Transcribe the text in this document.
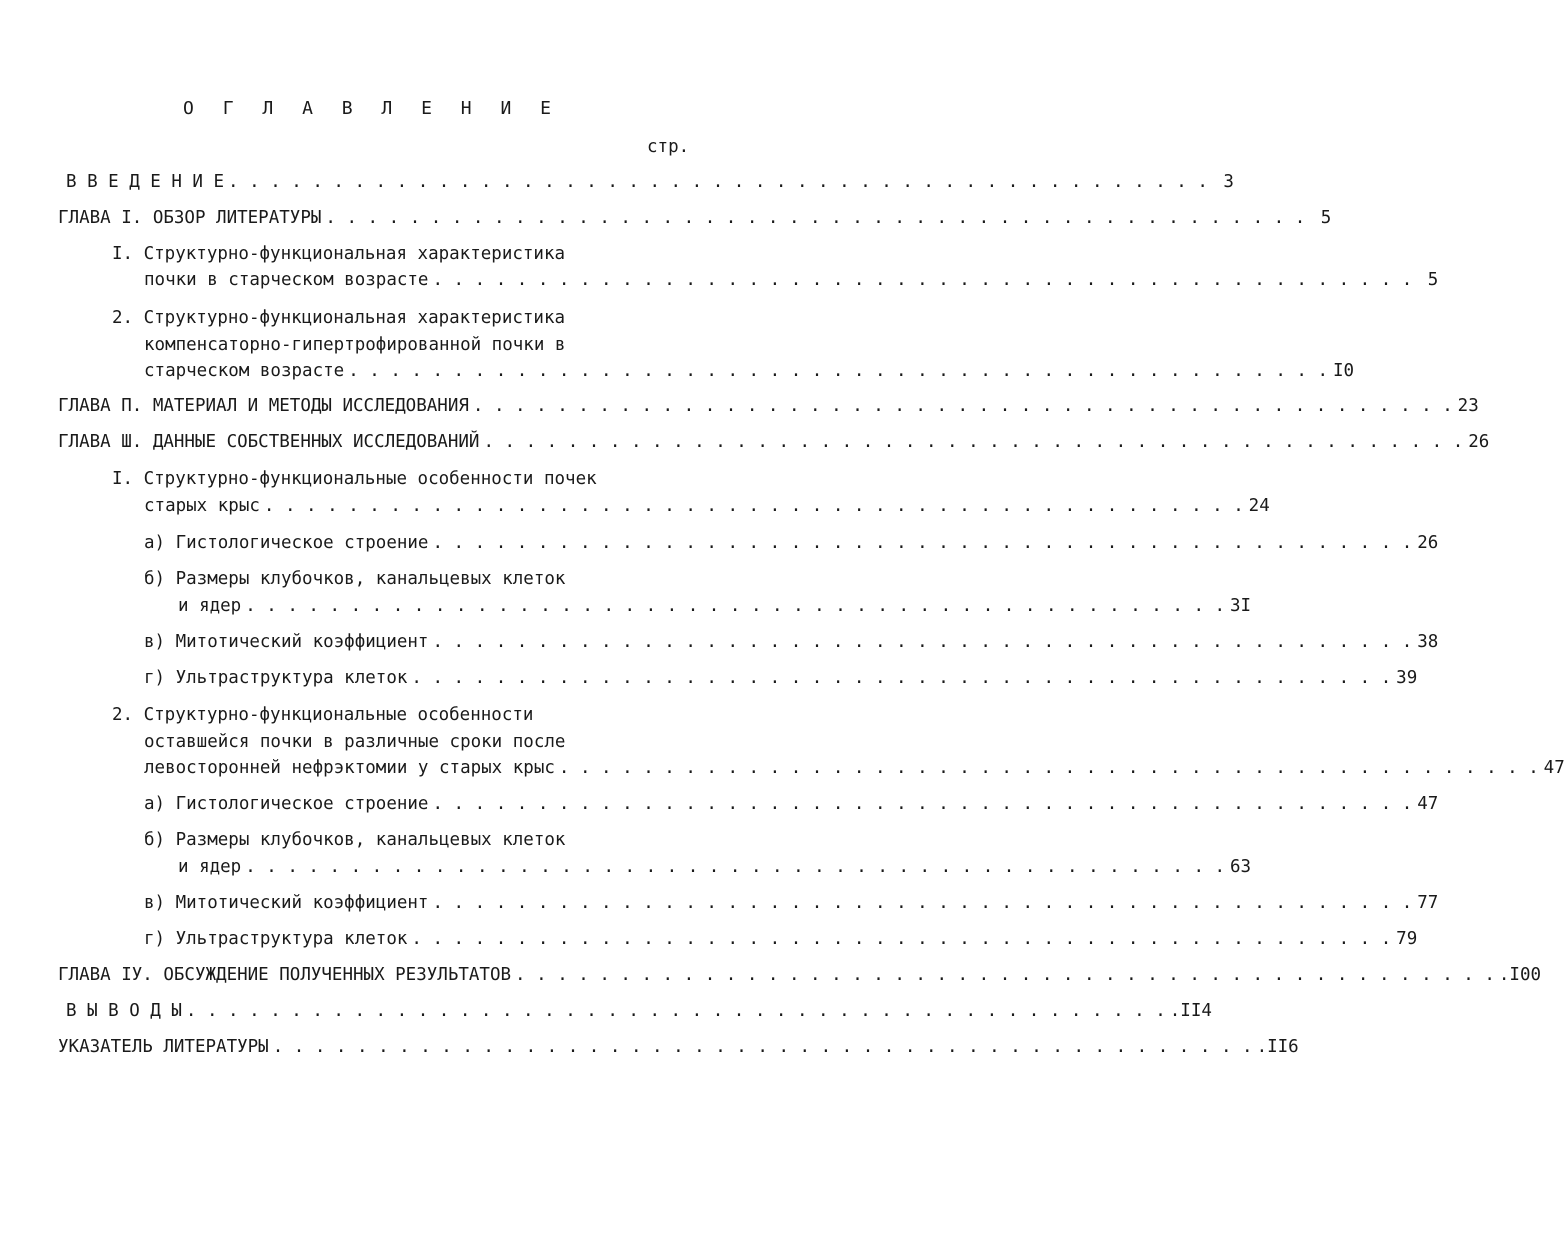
О Г Л А В Л Е Н И Е
стр.
В В Е Д Е Н И Е . . . . . . . . . . . . . . . . . . . . . . . . . . . . . . . . . . . . . . . . . . . . . . . 3
ГЛАВА I. ОБЗОР ЛИТЕРАТУРЫ . . . . . . . . . . . . . . . . . . . . . . . . . . . . . . . . . . . . . . . . . . . . . . . 5
I. Структурно-функциональная характеристика
почки в старческом возрасте . . . . . . . . . . . . . . . . . . . . . . . . . . . . . . . . . . . . . . . . . . . . . . . 5
2. Структурно-функциональная характеристика
компенсаторно-гипертрофированной почки в
старческом возрасте . . . . . . . . . . . . . . . . . . . . . . . . . . . . . . . . . . . . . . . . . . . . . . . I0
ГЛАВА П. МАТЕРИАЛ И МЕТОДЫ ИССЛЕДОВАНИЯ . . . . . . . . . . . . . . . . . . . . . . . . . . . . . . . . . . . . . . . . . . . . . . . 23
ГЛАВА Ш. ДАННЫЕ СОБСТВЕННЫХ ИССЛЕДОВАНИЙ . . . . . . . . . . . . . . . . . . . . . . . . . . . . . . . . . . . . . . . . . . . . . . . 26
I. Структурно-функциональные особенности почек
старых крыс . . . . . . . . . . . . . . . . . . . . . . . . . . . . . . . . . . . . . . . . . . . . . . . 24
а) Гистологическое строение . . . . . . . . . . . . . . . . . . . . . . . . . . . . . . . . . . . . . . . . . . . . . . . 26
б) Размеры клубочков, канальцевых клеток
и ядер . . . . . . . . . . . . . . . . . . . . . . . . . . . . . . . . . . . . . . . . . . . . . . . 3I
в) Митотический коэффициент . . . . . . . . . . . . . . . . . . . . . . . . . . . . . . . . . . . . . . . . . . . . . . . 38
г) Ультраструктура клеток . . . . . . . . . . . . . . . . . . . . . . . . . . . . . . . . . . . . . . . . . . . . . . . 39
2. Структурно-функциональные особенности
оставшейся почки в различные сроки после
левосторонней нефрэктомии у старых крыс . . . . . . . . . . . . . . . . . . . . . . . . . . . . . . . . . . . . . . . . . . . . . . . 47
а) Гистологическое строение . . . . . . . . . . . . . . . . . . . . . . . . . . . . . . . . . . . . . . . . . . . . . . . 47
б) Размеры клубочков, канальцевых клеток
и ядер . . . . . . . . . . . . . . . . . . . . . . . . . . . . . . . . . . . . . . . . . . . . . . . 63
в) Митотический коэффициент . . . . . . . . . . . . . . . . . . . . . . . . . . . . . . . . . . . . . . . . . . . . . . . 77
г) Ультраструктура клеток . . . . . . . . . . . . . . . . . . . . . . . . . . . . . . . . . . . . . . . . . . . . . . . 79
ГЛАВА IУ. ОБСУЖДЕНИЕ ПОЛУЧЕННЫХ РЕЗУЛЬТАТОВ . . . . . . . . . . . . . . . . . . . . . . . . . . . . . . . . . . . . . . . . . . . . . . . .I00
В Ы В О Д Ы . . . . . . . . . . . . . . . . . . . . . . . . . . . . . . . . . . . . . . . . . . . . . . . .II4
УКАЗАТЕЛЬ ЛИТЕРАТУРЫ . . . . . . . . . . . . . . . . . . . . . . . . . . . . . . . . . . . . . . . . . . . . . . . .II6
